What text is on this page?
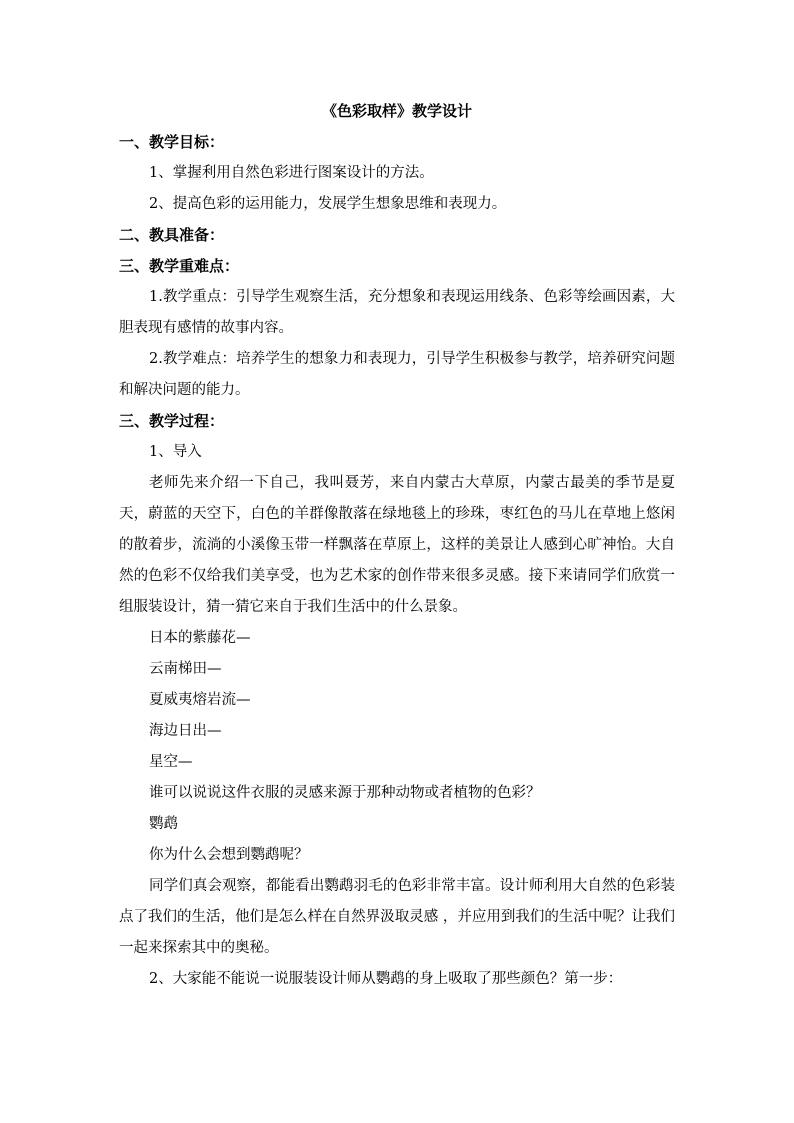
《色彩取样》教学设计
一、教学目标：
1、掌握利用自然色彩进行图案设计的方法。
2、提高色彩的运用能力，发展学生想象思维和表现力。
二、教具准备：
三、教学重难点：

1.教学重点：引导学生观察生活，充分想象和表现运用线条、色彩等绘画因素，大胆表现有感情的故事内容。

2.教学难点：培养学生的想象力和表现力，引导学生积极参与教学，培养研究问题和解决问题的能力。

三、教学过程：
1、导入

老师先来介绍一下自己，我叫聂芳，来自内蒙古大草原，内蒙古最美的季节是夏天，蔚蓝的天空下，白色的羊群像散落在绿地毯上的珍珠，枣红色的马儿在草地上悠闲的散着步，流淌的小溪像玉带一样飘落在草原上，这样的美景让人感到心旷神怡。大自然的色彩不仅给我们美享受，也为艺术家的创作带来很多灵感。接下来请同学们欣赏一组服装设计，猜一猜它来自于我们生活中的什么景象。

日本的紫藤花—
云南梯田—
夏威夷熔岩流—
海边日出—
星空—
谁可以说说这件衣服的灵感来源于那种动物或者植物的色彩？
鹦鹉
你为什么会想到鹦鹉呢？

同学们真会观察，都能看出鹦鹉羽毛的色彩非常丰富。设计师利用大自然的色彩装点了我们的生活，他们是怎么样在自然界汲取灵感 ，并应用到我们的生活中呢？让我们一起来探索其中的奥秘。

2、大家能不能说一说服装设计师从鹦鹉的身上吸取了那些颜色？第一步：
